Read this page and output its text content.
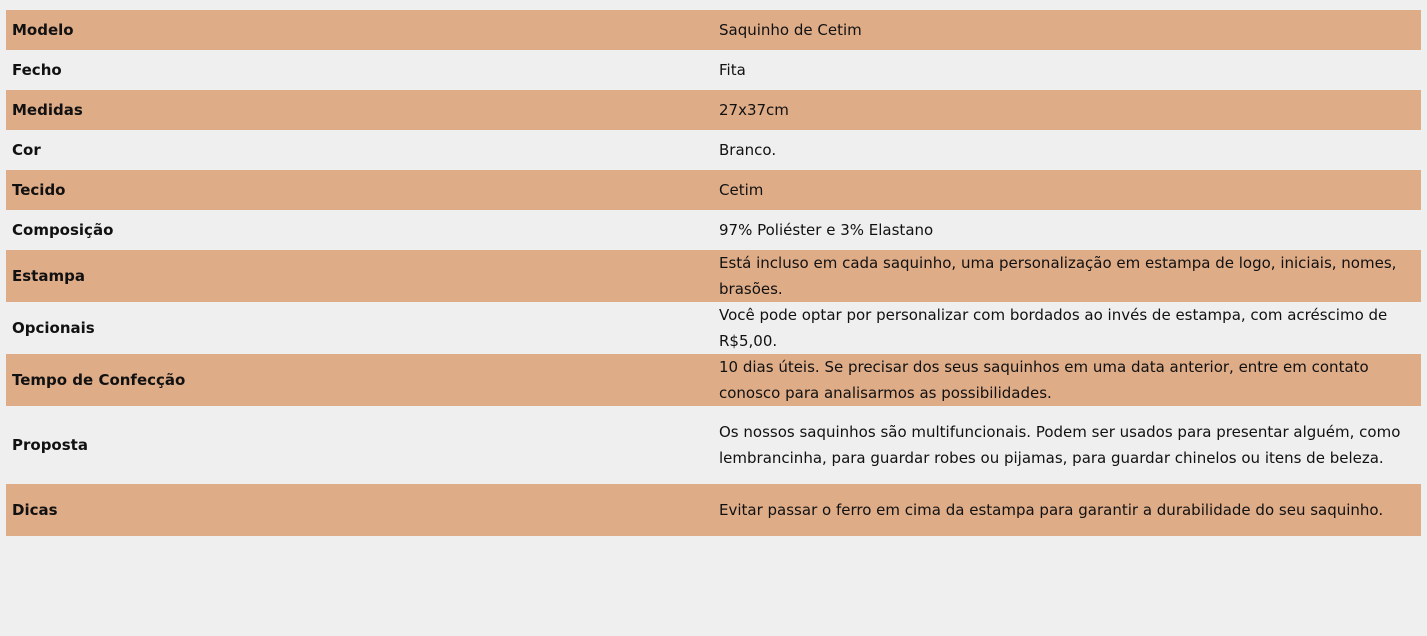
Modelo	Saquinho de Cetim
Fecho	Fita
Medidas	27x37cm
Cor	Branco.
Tecido	Cetim
Composição	97% Poliéster e 3% Elastano
Estampa	Está incluso em cada saquinho, uma personalização em estampa de logo, iniciais, nomes, brasões.
Opcionais	Você pode optar por personalizar com bordados ao invés de estampa, com acréscimo de R$5,00.
Tempo de Confecção	10 dias úteis. Se precisar dos seus saquinhos em uma data anterior, entre em contato conosco para analisarmos as possibilidades.
Proposta	Os nossos saquinhos são multifuncionais. Podem ser usados para presentar alguém, como lembrancinha, para guardar robes ou pijamas, para guardar chinelos ou itens de beleza.
Dicas	Evitar passar o ferro em cima da estampa para garantir a durabilidade do seu saquinho.
